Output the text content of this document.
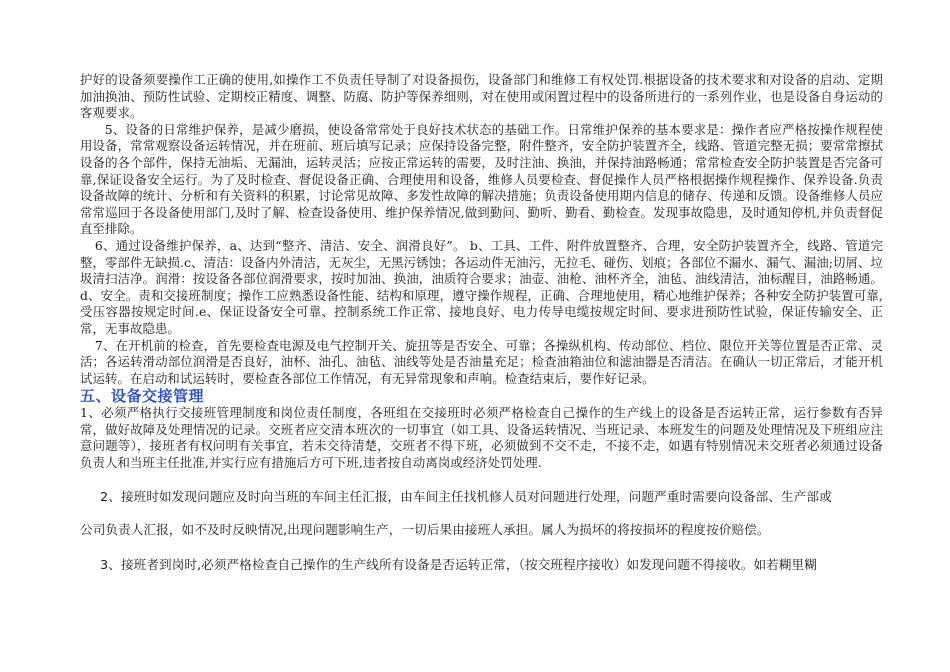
护好的设备须要操作工正确的使用,如操作工不负责任导制了对设备损伤，设备部门和维修工有权处罚.根据设备的技术要求和对设备的启动、定期加油换油、预防性试验、定期校正精度、调整、防腐、防护等保养细则，对在使用或闲置过程中的设备所进行的一系列作业，也是设备自身运动的客观要求。

5、设备的日常维护保养，是减少磨损，使设备常常处于良好技术状态的基础工作。日常维护保养的基本要求是：操作者应严格按操作规程使用设备，常常观察设备运转情况，并在班前、班后填写记录；应保持设备完整，附件整齐，安全防护装置齐全，线路、管道完整无损；要常常擦拭设备的各个部件，保持无油垢、无漏油，运转灵活；应按正常运转的需要，及时注油、换油，并保持油路畅通；常常检查安全防护装置是否完备可靠,保证设备安全运行。为了及时检查、督促设备正确、合理使用和设备，维修人员要检查、督促操作人员严格根据操作规程操作、保养设备.负责设备故障的统计、分析和有关资料的积累，讨论常见故障、多发性故障的解决措施；负责设备使用期内信息的储存、传递和反馈。设备维修人员应常常巡回于各设备使用部门,及时了解、检查设备使用、维护保养情况,做到勤问、勤听、勤看、勤检查。发现事故隐患，及时通知停机,并负责督促直至排除。

6、通过设备维护保养，a、达到“整齐、清洁、安全、润滑良好”。 b、工具、工件、附件放置整齐、合理，安全防护装置齐全，线路、管道完整，零部件无缺损.c、清洁：设备内外清洁，无灰尘，无黑污锈蚀；各运动件无油污，无拉毛、碰伤、划痕；各部位不漏水、漏气、漏油;切屑、垃圾清扫洁净。润滑：按设备各部位润滑要求，按时加油、换油，油质符合要求；油壶、油枪、油杯齐全，油毡、油线清洁，油标醒目，油路畅通。d、安全。责和交接班制度；操作工应熟悉设备性能、结构和原理，遵守操作规程，正确、合理地使用，精心地维护保养；各种安全防护装置可靠,受压容器按规定时间.e、保证设备安全可靠、控制系统工作正常、接地良好、电力传导电缆按规定时间、要求进预防性试验，保证传输安全、正常，无事故隐患。

7、在开机前的检查，首先要检查电源及电气控制开关、旋扭等是否安全、可靠；各操纵机构、传动部位、档位、限位开关等位置是否正常、灵活；各运转滑动部位润滑是否良好，油杯、油孔、油毡、油线等处是否油量充足；检查油箱油位和滤油器是否清洁。在确认一切正常后，才能开机试运转。在启动和试运转时，要检查各部位工作情况，有无异常现象和声响。检查结束后，要作好记录。

五、设备交接管理

1、必须严格执行交接班管理制度和岗位责任制度，各班组在交接班时必须严格检查自己操作的生产线上的设备是否运转正常，运行参数有否异常，做好故障及处理情况的记录。交班者应交清本班次的一切事宜（如工具、设备运转情况、当班记录、本班发生的问题及处理情况及下班组应注意问题等），接班者有权问明有关事宜，若未交待清楚，交班者不得下班，必须做到不交不走，不接不走，如遇有特别情况未交班者必须通过设备负责人和当班主任批准,并实行应有措施后方可下班,违者按自动离岗或经济处罚处理.

2、接班时如发现问题应及时向当班的车间主任汇报，由车间主任找机修人员对问题进行处理，问题严重时需要向设备部、生产部或

公司负责人汇报，如不及时反映情况,出现问题影响生产，一切后果由接班人承担。属人为损坏的将按损坏的程度按价赔偿。

3、接班者到岗时,必须严格检查自己操作的生产线所有设备是否运转正常，（按交班程序接收）如发现问题不得接收。如若糊里糊
